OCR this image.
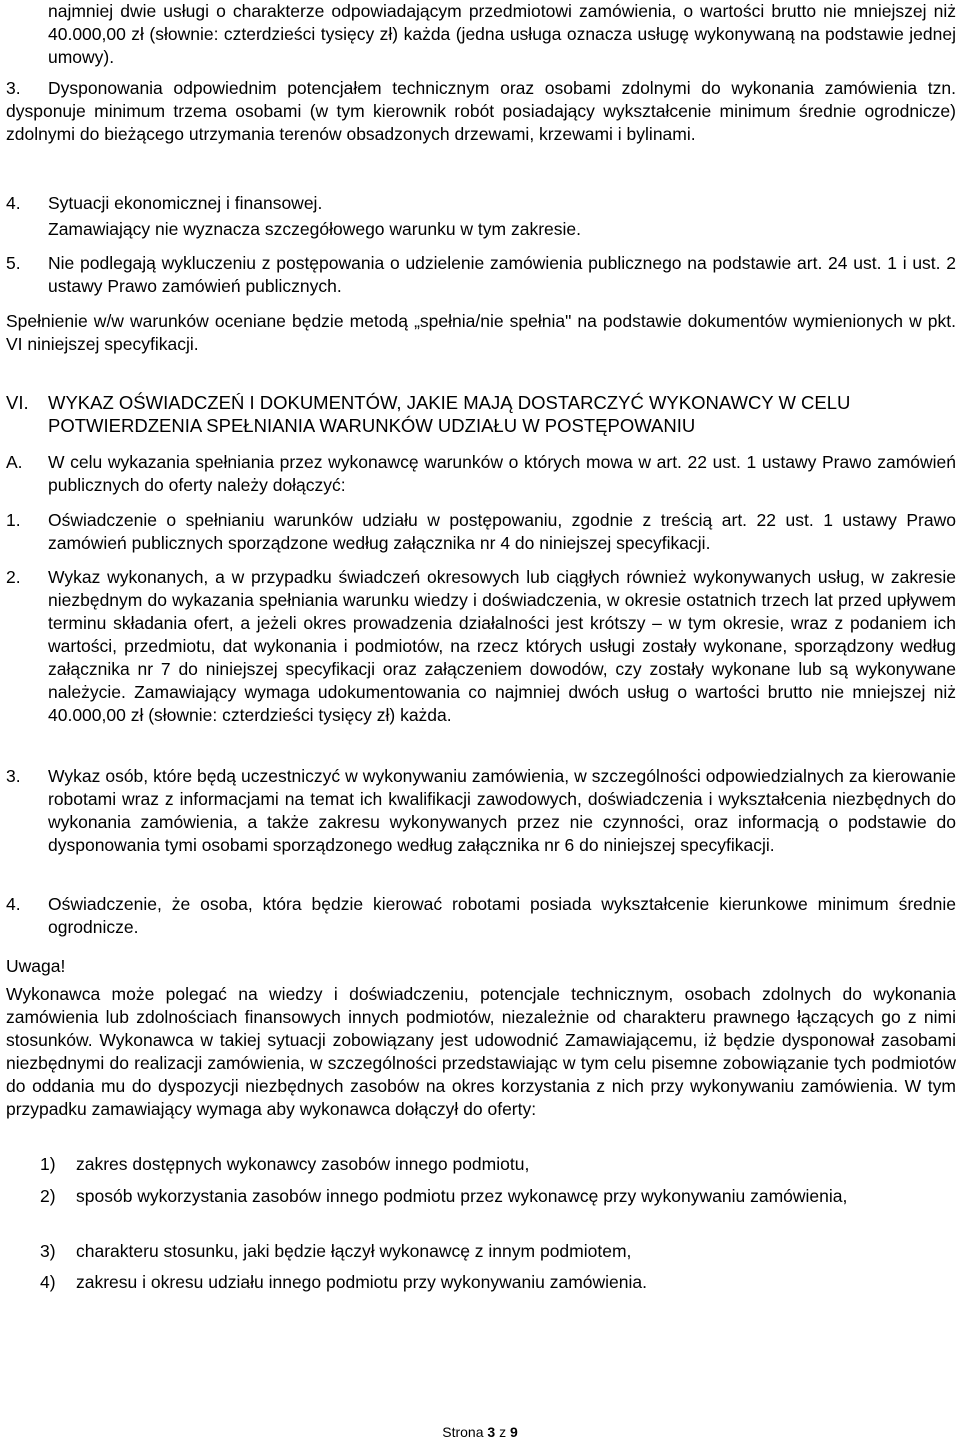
najmniej dwie usługi o charakterze odpowiadającym przedmiotowi zamówienia, o wartości brutto nie mniejszej niż 40.000,00 zł (słownie: czterdzieści tysięcy zł) każda (jedna usługa oznacza usługę wykonywaną na podstawie jednej umowy).

3.	Dysponowania odpowiednim potencjałem technicznym oraz osobami zdolnymi do wykonania zamówienia tzn. dysponuje minimum trzema osobami (w tym kierownik robót posiadający wykształcenie minimum średnie ogrodnicze) zdolnymi do bieżącego utrzymania terenów obsadzonych drzewami, krzewami i bylinami.

4.	Sytuacji ekonomicznej i finansowej.

Zamawiający nie wyznacza szczegółowego warunku w tym zakresie.

5.	Nie podlegają wykluczeniu z postępowania o udzielenie zamówienia publicznego na podstawie art. 24 ust. 1 i ust. 2 ustawy Prawo zamówień publicznych.

Spełnienie w/w warunków oceniane będzie metodą „spełnia/nie spełnia" na podstawie dokumentów wymienionych w pkt. VI niniejszej specyfikacji.

VI. WYKAZ OŚWIADCZEŃ I DOKUMENTÓW, JAKIE MAJĄ DOSTARCZYĆ WYKONAWCY W CELU POTWIERDZENIA SPEŁNIANIA WARUNKÓW UDZIAŁU W POSTĘPOWANIU
A.	W celu wykazania spełniania przez wykonawcę warunków o których mowa w art. 22 ust. 1 ustawy Prawo zamówień publicznych do oferty należy dołączyć:

1.	Oświadczenie o spełnianiu warunków udziału w postępowaniu, zgodnie z treścią art. 22 ust. 1 ustawy Prawo zamówień publicznych sporządzone według załącznika nr 4 do niniejszej specyfikacji.

2.	Wykaz wykonanych, a w przypadku świadczeń okresowych lub ciągłych również wykonywanych usług, w zakresie niezbędnym do wykazania spełniania warunku wiedzy i doświadczenia, w okresie ostatnich trzech lat przed upływem terminu składania ofert, a jeżeli okres prowadzenia działalności jest krótszy – w tym okresie, wraz z podaniem ich wartości, przedmiotu, dat wykonania i podmiotów, na rzecz których usługi zostały wykonane, sporządzony według załącznika nr 7 do niniejszej specyfikacji oraz załączeniem dowodów, czy zostały wykonane lub są wykonywane należycie. Zamawiający wymaga udokumentowania co najmniej dwóch usług o wartości brutto nie mniejszej niż 40.000,00 zł (słownie: czterdzieści tysięcy zł) każda.

3.	Wykaz osób, które będą uczestniczyć w wykonywaniu zamówienia, w szczególności odpowiedzialnych za kierowanie robotami wraz z informacjami na temat ich kwalifikacji zawodowych, doświadczenia i wykształcenia niezbędnych do wykonania zamówienia, a także zakresu wykonywanych przez nie czynności, oraz informacją o podstawie do dysponowania tymi osobami sporządzonego według załącznika nr 6 do niniejszej specyfikacji.

4.	Oświadczenie, że osoba, która będzie kierować robotami posiada wykształcenie kierunkowe minimum średnie ogrodnicze.

Uwaga!

Wykonawca może polegać na wiedzy i doświadczeniu, potencjale technicznym, osobach zdolnych do wykonania zamówienia lub zdolnościach finansowych innych podmiotów, niezależnie od charakteru prawnego łączących go z nimi stosunków. Wykonawca w takiej sytuacji zobowiązany jest udowodnić Zamawiającemu, iż będzie dysponował zasobami niezbędnymi do realizacji zamówienia, w szczególności przedstawiając w tym celu pisemne zobowiązanie tych podmiotów do oddania mu do dyspozycji niezbędnych zasobów na okres korzystania z nich przy wykonywaniu zamówienia. W tym przypadku zamawiający wymaga aby wykonawca dołączył do oferty:

1)	zakres dostępnych wykonawcy zasobów innego podmiotu,

2)	sposób wykorzystania zasobów innego podmiotu przez wykonawcę przy wykonywaniu zamówienia,

3)	charakteru stosunku, jaki będzie łączył wykonawcę z innym podmiotem,

4)	zakresu i okresu udziału innego podmiotu przy wykonywaniu zamówienia.

Strona 3 z 9
